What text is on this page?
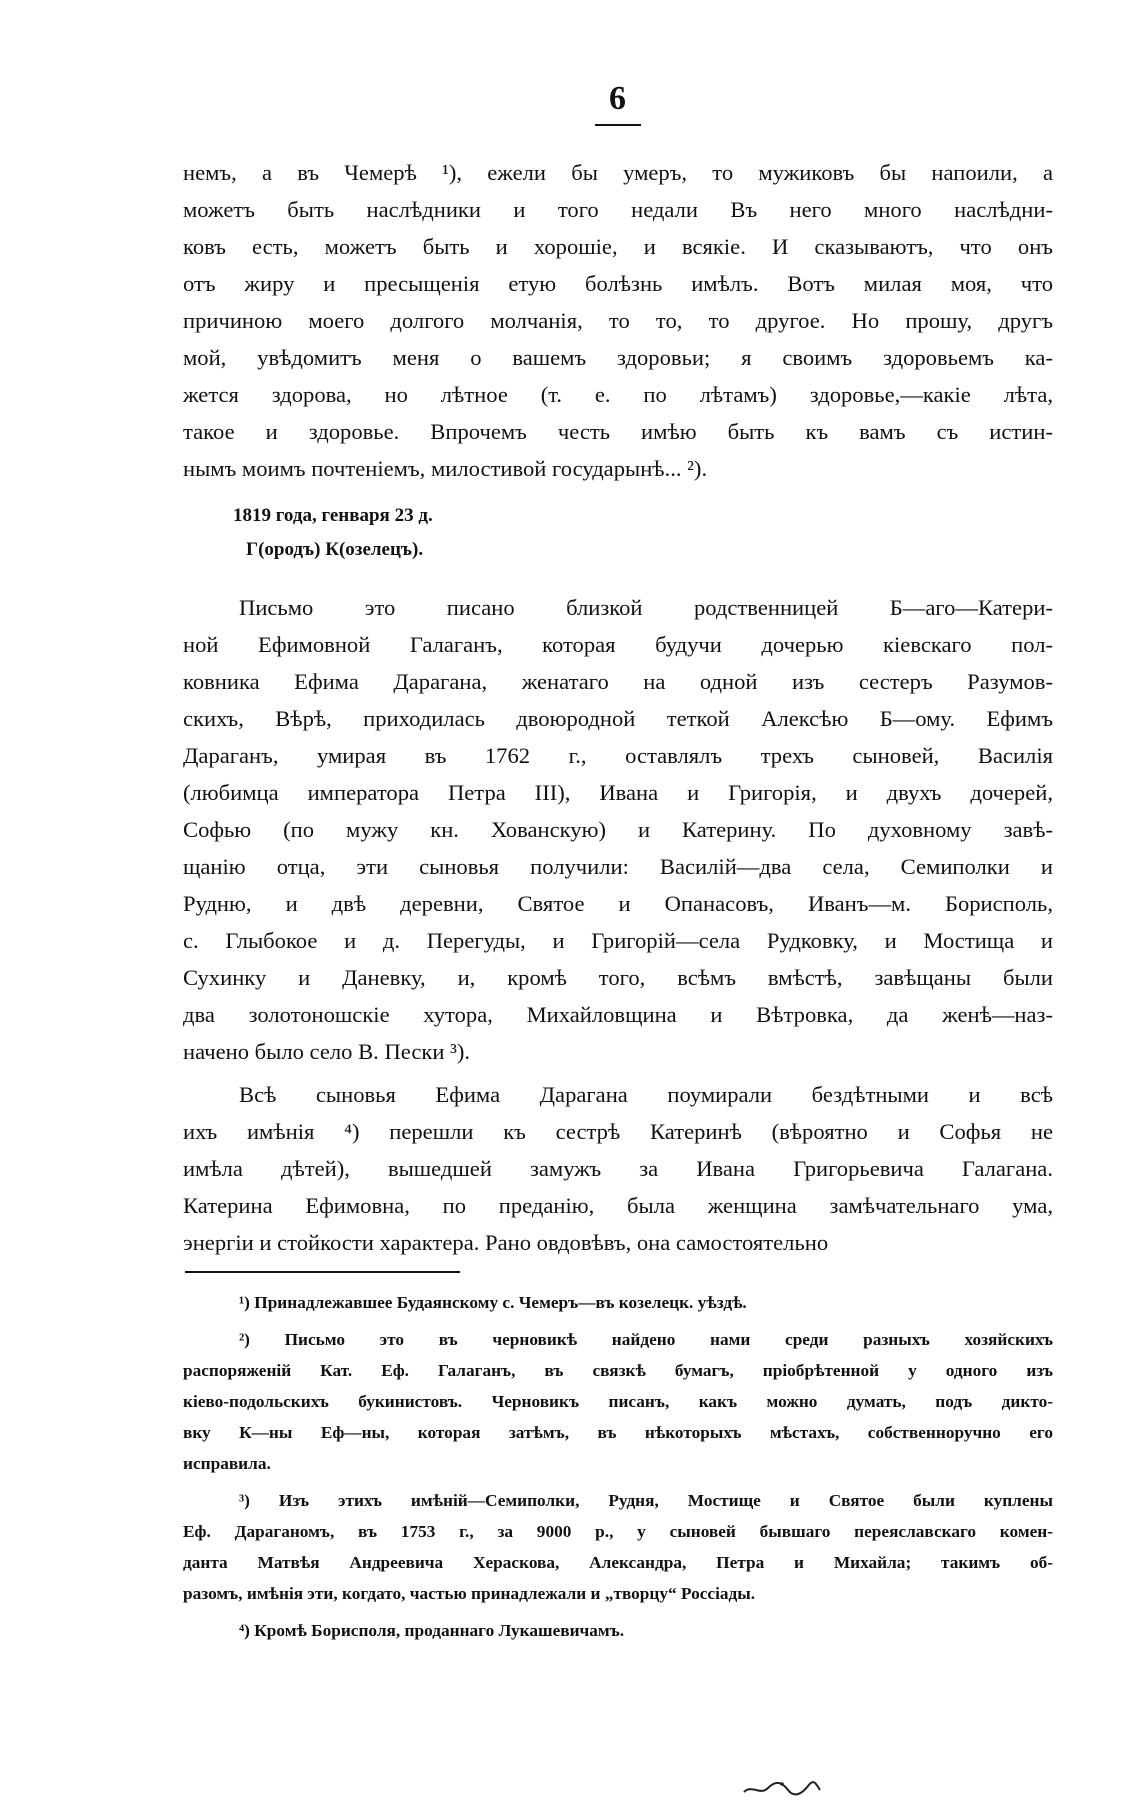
6
немъ, а въ Чемерѣ ¹), ежели бы умеръ, то мужиковъ бы напоили, а
можетъ быть наслѣдники и того недали Въ него много наслѣдни-
ковъ есть, можетъ быть и хорошіе, и всякіе. И сказываютъ, что онъ
отъ жиру и пресыщенія етую болѣзнь имѣлъ. Вотъ милая моя, что
причиною моего долгого молчанія, то то, то другое. Но прошу, другъ
мой, увѣдомитъ меня о вашемъ здоровьи; я своимъ здоровьемъ ка-
жется здорова, но лѣтное (т. е. по лѣтамъ) здоровье,—какіе лѣта,
такое и здоровье. Впрочемъ честь имѣю быть къ вамъ съ истин-
нымъ моимъ почтеніемъ, милостивой государынѣ... ²).
1819 года, генваря 23 д.
Г(ородъ) К(озелецъ).
Письмо это писано близкой родственницей Б—аго—Катери-
ной Ефимовной Галаганъ, которая будучи дочерью кіевскаго пол-
ковника Ефима Дарагана, женатаго на одной изъ сестеръ Разумов-
скихъ, Вѣрѣ, приходилась двоюродной теткой Алексѣю Б—ому. Ефимъ
Дараганъ, умирая въ 1762 г., оставлялъ трехъ сыновей, Василія
(любимца императора Петра III), Ивана и Григорія, и двухъ дочерей,
Софью (по мужу кн. Хованскую) и Катерину. По духовному завѣ-
щанію отца, эти сыновья получили: Василій—два села, Семиполки и
Рудню, и двѣ деревни, Святое и Опанасовъ, Иванъ—м. Борисполь,
с. Глыбокое и д. Перегуды, и Григорій—села Рудковку, и Мостища и
Сухинку и Даневку, и, кромѣ того, всѣмъ вмѣстѣ, завѣщаны были
два золотоношскіе хутора, Михайловщина и Вѣтровка, да женѣ—наз-
начено было село В. Пески ³).
Всѣ сыновья Ефима Дарагана поумирали бездѣтными и всѣ
ихъ имѣнія ⁴) перешли къ сестрѣ Катеринѣ (вѣроятно и Софья не
имѣла дѣтей), вышедшей замужъ за Ивана Григорьевича Галагана.
Катерина Ефимовна, по преданію, была женщина замѣчательнаго ума,
энергіи и стойкости характера. Рано овдовѣвъ, она самостоятельно
¹) Принадлежавшее Будаянскому с. Чемеръ—въ козелецк. уѣздѣ.
²) Письмо это въ черновикѣ найдено нами среди разныхъ хозяйскихъ
распоряженій Кат. Еф. Галаганъ, въ связкѣ бумагъ, пріобрѣтенной у одного изъ
кіево-подольскихъ букинистовъ. Черновикъ писанъ, какъ можно думать, подъ дикто-
вку К—ны Еф—ны, которая затѣмъ, въ нѣкоторыхъ мѣстахъ, собственноручно его
исправила.
³) Изъ этихъ имѣній—Семиполки, Рудня, Мостище и Святое были куплены
Еф. Дараганомъ, въ 1753 г., за 9000 р., у сыновей бывшаго переяславскаго комен-
данта Матвѣя Андреевича Хераскова, Александра, Петра и Михайла; такимъ об-
разомъ, имѣнія эти, когдато, частью принадлежали и „творцу“ Россіады.
⁴) Кромѣ Борисполя, проданнаго Лукашевичамъ.
